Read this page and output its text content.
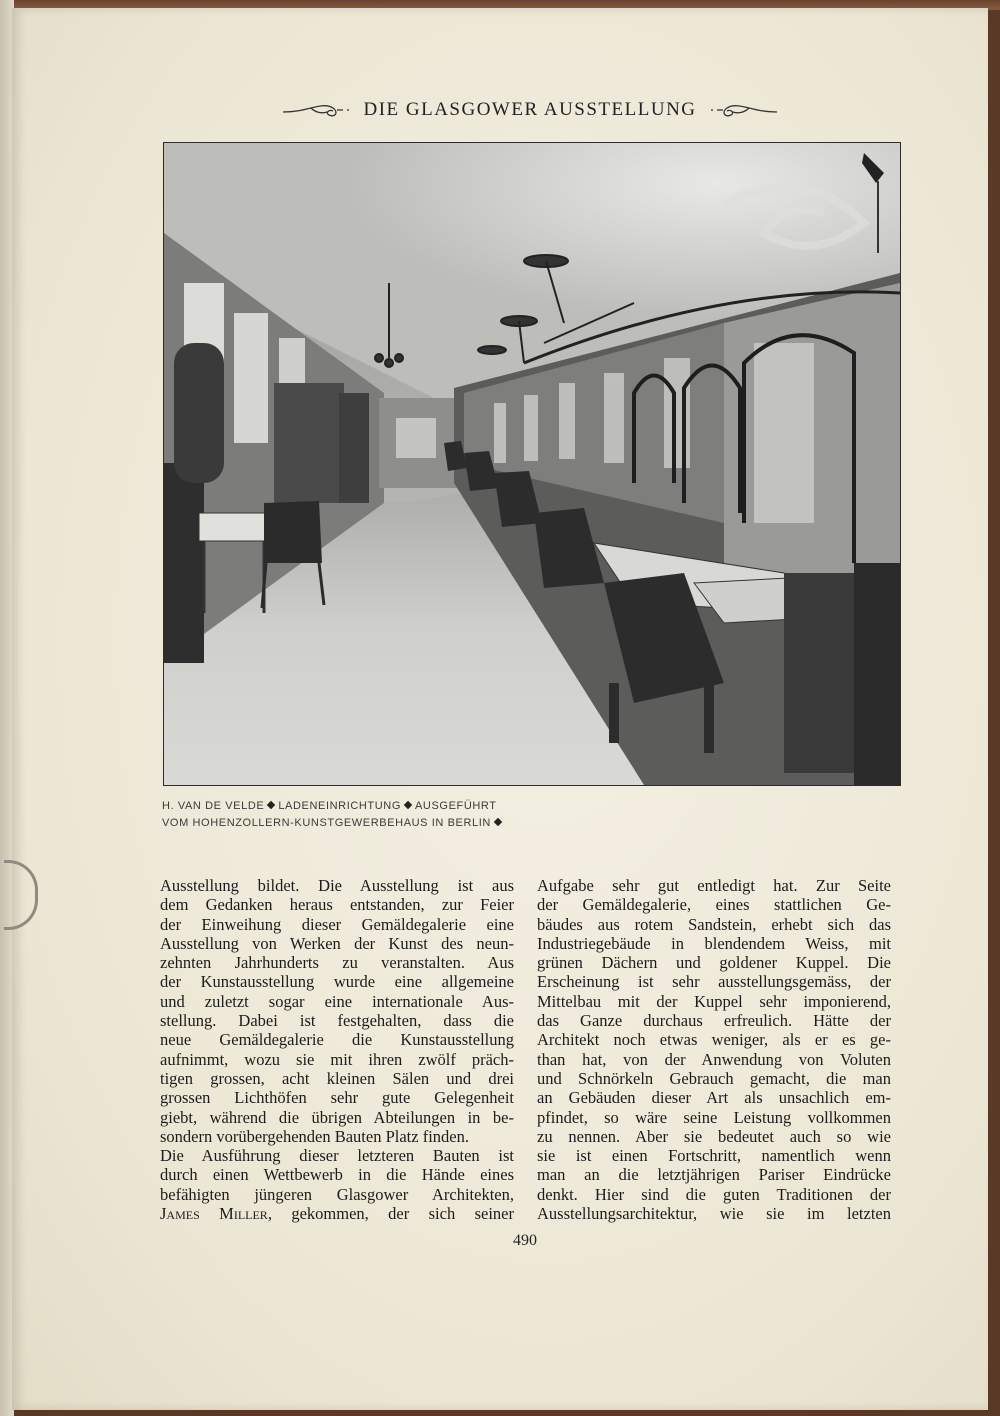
DIE GLASGOWER AUSSTELLUNG
H. VAN DE VELDE LADENEINRICHTUNG AUSGEFÜHRT
VOM HOHENZOLLERN-KUNSTGEWERBEHAUS IN BERLIN
Ausstellung bildet. Die Ausstellung ist aus
dem Gedanken heraus entstanden, zur Feier
der Einweihung dieser Gemäldegalerie eine
Ausstellung von Werken der Kunst des neun-
zehnten Jahrhunderts zu veranstalten. Aus
der Kunstausstellung wurde eine allgemeine
und zuletzt sogar eine internationale Aus-
stellung. Dabei ist festgehalten, dass die
neue Gemäldegalerie die Kunstausstellung
aufnimmt, wozu sie mit ihren zwölf präch-
tigen grossen, acht kleinen Sälen und drei
grossen Lichthöfen sehr gute Gelegenheit
giebt, während die übrigen Abteilungen in be-
sondern vorübergehenden Bauten Platz finden.
Die Ausführung dieser letzteren Bauten ist
durch einen Wettbewerb in die Hände eines
befähigten jüngeren Glasgower Architekten,
James Miller, gekommen, der sich seiner
Aufgabe sehr gut entledigt hat. Zur Seite
der Gemäldegalerie, eines stattlichen Ge-
bäudes aus rotem Sandstein, erhebt sich das
Industriegebäude in blendendem Weiss, mit
grünen Dächern und goldener Kuppel. Die
Erscheinung ist sehr ausstellungsgemäss, der
Mittelbau mit der Kuppel sehr imponierend,
das Ganze durchaus erfreulich. Hätte der
Architekt noch etwas weniger, als er es ge-
than hat, von der Anwendung von Voluten
und Schnörkeln Gebrauch gemacht, die man
an Gebäuden dieser Art als unsachlich em-
pfindet, so wäre seine Leistung vollkommen
zu nennen. Aber sie bedeutet auch so wie
sie ist einen Fortschritt, namentlich wenn
man an die letztjährigen Pariser Eindrücke
denkt. Hier sind die guten Traditionen der
Ausstellungsarchitektur, wie sie im letzten
490
